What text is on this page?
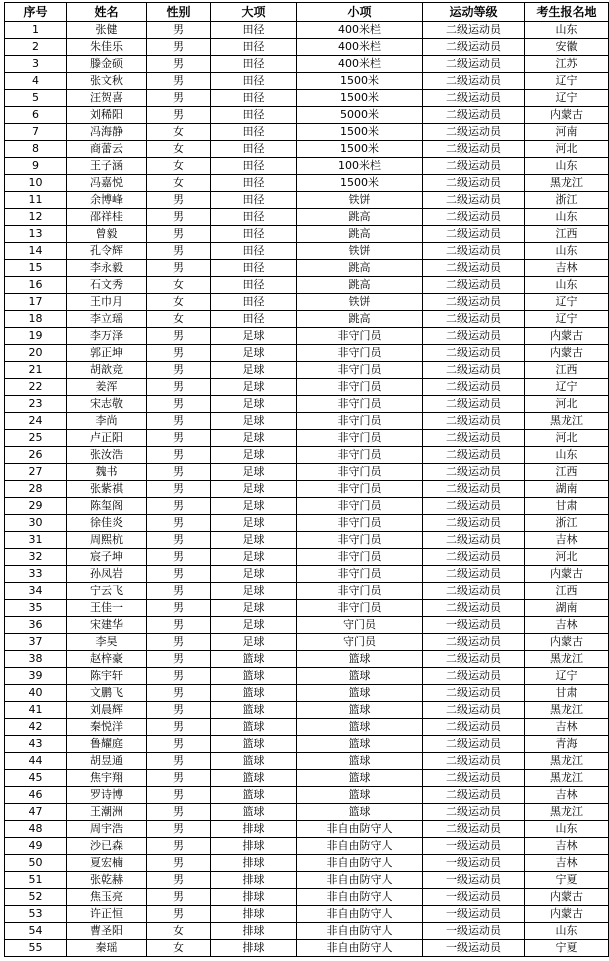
序号	姓名	性别	大项	小项	运动等级	考生报名地
1	张健	男	田径	400米栏	二级运动员	山东
2	朱佳乐	男	田径	400米栏	二级运动员	安徽
3	滕金硕	男	田径	400米栏	二级运动员	江苏
4	张文秋	男	田径	1500米	二级运动员	辽宁
5	汪贺喜	男	田径	1500米	二级运动员	辽宁
6	刘稀阳	男	田径	5000米	二级运动员	内蒙古
7	冯海静	女	田径	1500米	二级运动员	河南
8	商蕾云	女	田径	1500米	二级运动员	河北
9	王子涵	女	田径	100米栏	二级运动员	山东
10	冯嘉悦	女	田径	1500米	二级运动员	黑龙江
11	余博峰	男	田径	铁饼	二级运动员	浙江
12	邵祥桂	男	田径	跳高	二级运动员	山东
13	曾毅	男	田径	跳高	二级运动员	江西
14	孔令辉	男	田径	铁饼	二级运动员	山东
15	李永毅	男	田径	跳高	二级运动员	吉林
16	石文秀	女	田径	跳高	二级运动员	山东
17	王巾月	女	田径	铁饼	二级运动员	辽宁
18	李立瑶	女	田径	跳高	二级运动员	辽宁
19	李万泽	男	足球	非守门员	二级运动员	内蒙古
20	郭正坤	男	足球	非守门员	二级运动员	内蒙古
21	胡歆竞	男	足球	非守门员	二级运动员	江西
22	姜浑	男	足球	非守门员	二级运动员	辽宁
23	宋志敬	男	足球	非守门员	二级运动员	河北
24	李尚	男	足球	非守门员	二级运动员	黑龙江
25	卢正阳	男	足球	非守门员	二级运动员	河北
26	张汝浩	男	足球	非守门员	二级运动员	山东
27	魏书	男	足球	非守门员	二级运动员	江西
28	张紫祺	男	足球	非守门员	二级运动员	湖南
29	陈玺阁	男	足球	非守门员	二级运动员	甘肃
30	徐佳炎	男	足球	非守门员	二级运动员	浙江
31	周熙杭	男	足球	非守门员	二级运动员	吉林
32	宸子坤	男	足球	非守门员	二级运动员	河北
33	孙凤岩	男	足球	非守门员	二级运动员	内蒙古
34	宁云飞	男	足球	非守门员	二级运动员	江西
35	王佳一	男	足球	非守门员	二级运动员	湖南
36	宋建华	男	足球	守门员	一级运动员	吉林
37	李昊	男	足球	守门员	二级运动员	内蒙古
38	赵梓豪	男	篮球	篮球	二级运动员	黑龙江
39	陈宇轩	男	篮球	篮球	二级运动员	辽宁
40	文鹏飞	男	篮球	篮球	二级运动员	甘肃
41	刘晨辉	男	篮球	篮球	二级运动员	黑龙江
42	秦悦洋	男	篮球	篮球	二级运动员	吉林
43	鲁耀庭	男	篮球	篮球	二级运动员	青海
44	胡昱通	男	篮球	篮球	二级运动员	黑龙江
45	焦宇翔	男	篮球	篮球	二级运动员	黑龙江
46	罗诗博	男	篮球	篮球	二级运动员	吉林
47	王潮洲	男	篮球	篮球	二级运动员	黑龙江
48	周宇浩	男	排球	非自由防守人	二级运动员	山东
49	沙已森	男	排球	非自由防守人	一级运动员	吉林
50	夏宏楠	男	排球	非自由防守人	一级运动员	吉林
51	张乾赫	男	排球	非自由防守人	一级运动员	宁夏
52	焦玉亮	男	排球	非自由防守人	一级运动员	内蒙古
53	许正恒	男	排球	非自由防守人	一级运动员	内蒙古
54	曹圣阳	女	排球	非自由防守人	一级运动员	山东
55	秦瑶	女	排球	非自由防守人	一级运动员	宁夏
